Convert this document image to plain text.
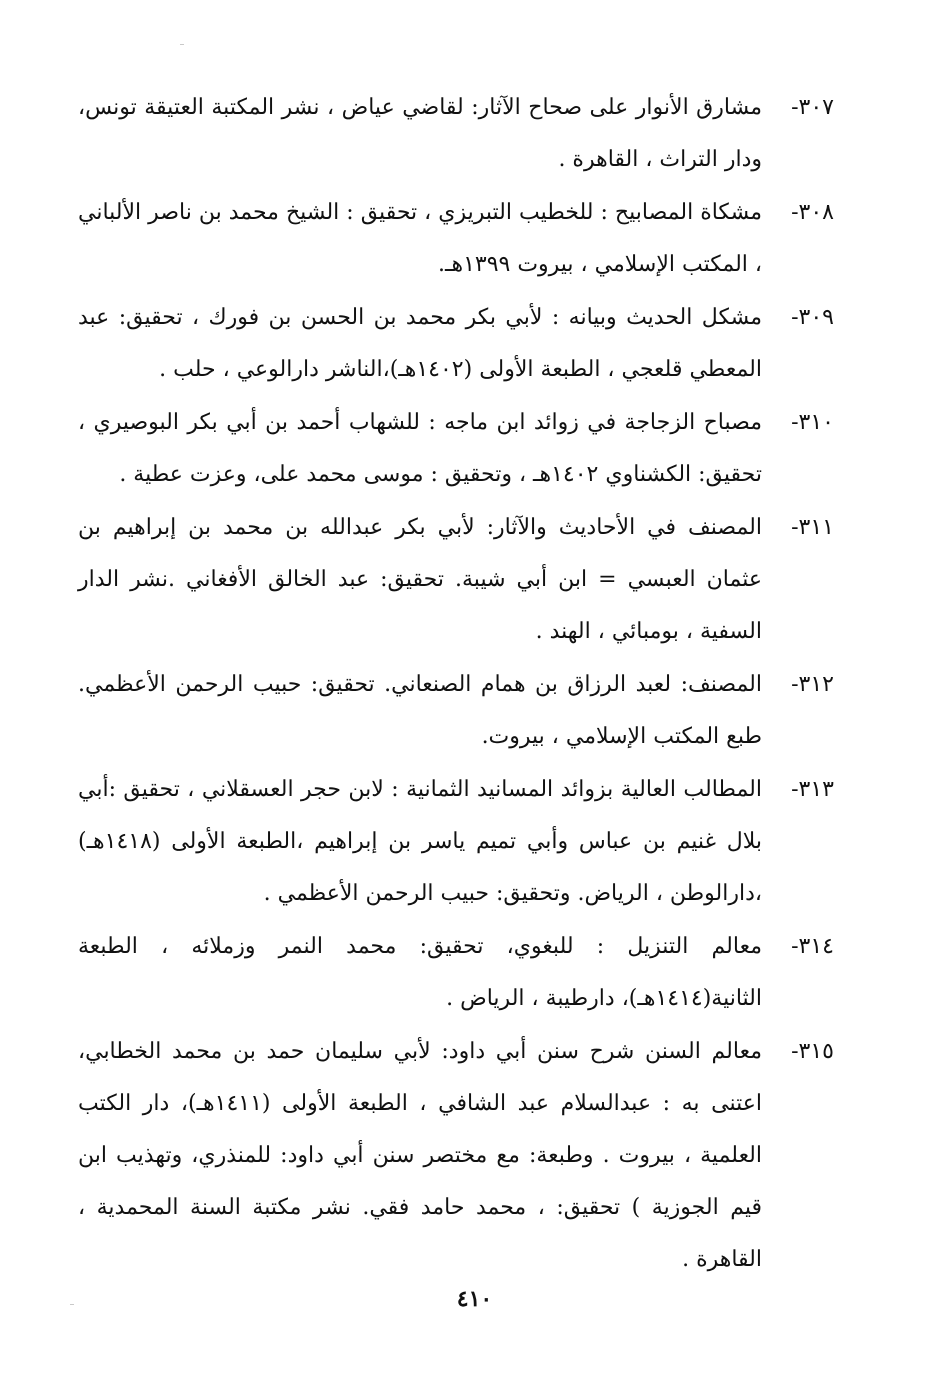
٣٠٧-
مشارق الأنوار على صحاح الآثار: لقاضي عياض ، نشر المكتبة العتيقة تونس، ودار التراث ، القاهرة .
٣٠٨-
مشكاة المصابيح : للخطيب التبريزي ، تحقيق : الشيخ محمد بن ناصر الألباني ، المكتب الإسلامي ، بيروت ١٣٩٩هـ.
٣٠٩-
مشكل الحديث وبيانه : لأبي بكر محمد بن الحسن بن فورك ، تحقيق: عبد المعطي قلعجي ، الطبعة الأولى (١٤٠٢هـ)،الناشر دارالوعي ، حلب .
٣١٠-
مصباح الزجاجة في زوائد ابن ماجه : للشهاب أحمد بن أبي بكر البوصيري ، تحقيق: الكشناوي ١٤٠٢هـ ، وتحقيق : موسى محمد على، وعزت عطية .
٣١١-
المصنف في الأحاديث والآثار: لأبي بكر عبدالله بن محمد بن إبراهيم بن عثمان العبسي = ابن أبي شيبة. تحقيق: عبد الخالق الأفغاني .نشر الدار السفية ، بومبائي ، الهند .
٣١٢-
المصنف: لعبد الرزاق بن همام الصنعاني. تحقيق: حبيب الرحمن الأعظمي. طبع المكتب الإسلامي ، بيروت.
٣١٣-
المطالب العالية بزوائد المسانيد الثمانية : لابن حجر العسقلاني ، تحقيق :أبي بلال غنيم بن عباس وأبي تميم ياسر بن إبراهيم ،الطبعة الأولى (١٤١٨هـ) ،دارالوطن ، الرياض. وتحقيق: حبيب الرحمن الأعظمي .
٣١٤-
معالم التنزيل : للبغوي، تحقيق: محمد النمر وزملائه ، الطبعة الثانية(١٤١٤هـ)، دارطيبة ، الرياض .
٣١٥-
معالم السنن شرح سنن أبي داود: لأبي سليمان حمد بن محمد الخطابي، اعتنى به : عبدالسلام عبد الشافي ، الطبعة الأولى (١٤١١هـ)، دار الكتب العلمية ، بيروت . وطبعة: مع مختصر سنن أبي داود: للمنذري، وتهذيب ابن قيم الجوزية ) تحقيق: ، محمد حامد فقي. نشر مكتبة السنة المحمدية ، القاهرة .
٤١٠
